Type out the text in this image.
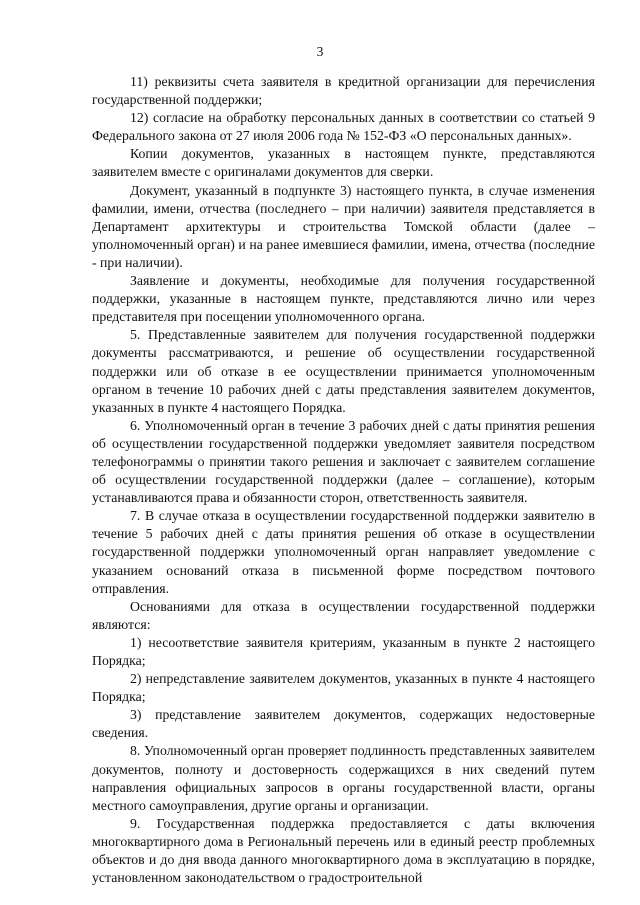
3

11) реквизиты счета заявителя в кредитной организации для перечисления государственной поддержки;

12) согласие на обработку персональных данных в соответствии со статьей 9 Федерального закона от 27 июля 2006 года № 152-ФЗ «О персональных данных».

Копии документов, указанных в настоящем пункте, представляются заявителем вместе с оригиналами документов для сверки.

Документ, указанный в подпункте 3) настоящего пункта, в случае изменения фамилии, имени, отчества (последнего – при наличии) заявителя представляется в Департамент архитектуры и строительства Томской области (далее – уполномоченный орган) и на ранее имевшиеся фамилии, имена, отчества (последние - при наличии).

Заявление и документы, необходимые для получения государственной поддержки, указанные в настоящем пункте, представляются лично или через представителя при посещении уполномоченного органа.

5. Представленные заявителем для получения государственной поддержки документы рассматриваются, и решение об осуществлении государственной поддержки или об отказе в ее осуществлении принимается уполномоченным органом в течение 10 рабочих дней с даты представления заявителем документов, указанных в пункте 4 настоящего Порядка.

6. Уполномоченный орган в течение 3 рабочих дней с даты принятия решения об осуществлении государственной поддержки уведомляет заявителя посредством телефонограммы о принятии такого решения и заключает с заявителем соглашение об осуществлении государственной поддержки (далее – соглашение), которым устанавливаются права и обязанности сторон, ответственность заявителя.

7. В случае отказа в осуществлении государственной поддержки заявителю в течение 5 рабочих дней с даты принятия решения об отказе в осуществлении государственной поддержки уполномоченный орган направляет уведомление с указанием оснований отказа в письменной форме посредством почтового отправления.

Основаниями для отказа в осуществлении государственной поддержки являются:

1) несоответствие заявителя критериям, указанным в пункте 2 настоящего Порядка;

2) непредставление заявителем документов, указанных в пункте 4 настоящего Порядка;

3) представление заявителем документов, содержащих недостоверные сведения.

8. Уполномоченный орган проверяет подлинность представленных заявителем документов, полноту и достоверность содержащихся в них сведений путем направления официальных запросов в органы государственной власти, органы местного самоуправления, другие органы и организации.

9. Государственная поддержка предоставляется с даты включения многоквартирного дома в Региональный перечень или в единый реестр проблемных объектов и до дня ввода данного многоквартирного дома в эксплуатацию в порядке, установленном законодательством о градостроительной
